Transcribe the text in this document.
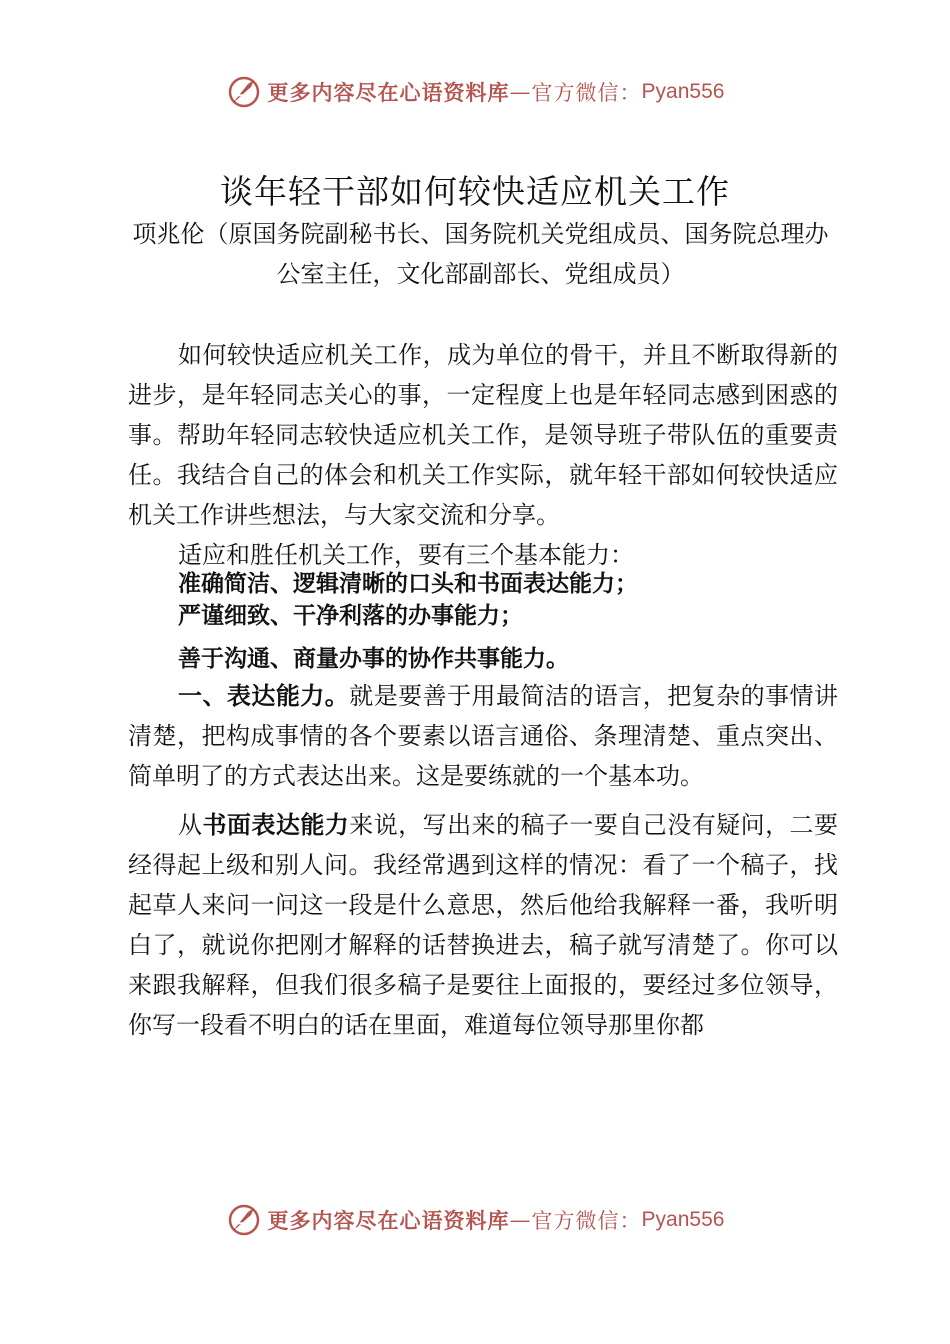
更多内容尽在心语资料库 — 官方微信： Pyan556
谈年轻干部如何较快适应机关工作

项兆伦（原国务院副秘书长、国务院机关党组成员、国务院总理办公室主任，文化部副部长、党组成员）

如何较快适应机关工作，成为单位的骨干，并且不断取得新的进步，是年轻同志关心的事，一定程度上也是年轻同志感到困惑的事。帮助年轻同志较快适应机关工作，是领导班子带队伍的重要责任。我结合自己的体会和机关工作实际，就年轻干部如何较快适应机关工作讲些想法，与大家交流和分享。

适应和胜任机关工作，要有三个基本能力：

准确简洁、逻辑清晰的口头和书面表达能力；

严谨细致、干净利落的办事能力；

善于沟通、商量办事的协作共事能力。

一、表达能力。就是要善于用最简洁的语言，把复杂的事情讲清楚，把构成事情的各个要素以语言通俗、条理清楚、重点突出、简单明了的方式表达出来。这是要练就的一个基本功。

从书面表达能力来说，写出来的稿子一要自己没有疑问，二要经得起上级和别人问。我经常遇到这样的情况：看了一个稿子，找起草人来问一问这一段是什么意思，然后他给我解释一番，我听明白了，就说你把刚才解释的话替换进去，稿子就写清楚了。你可以来跟我解释，但我们很多稿子是要往上面报的，要经过多位领导，你写一段看不明白的话在里面，难道每位领导那里你都

更多内容尽在心语资料库 — 官方微信： Pyan556
